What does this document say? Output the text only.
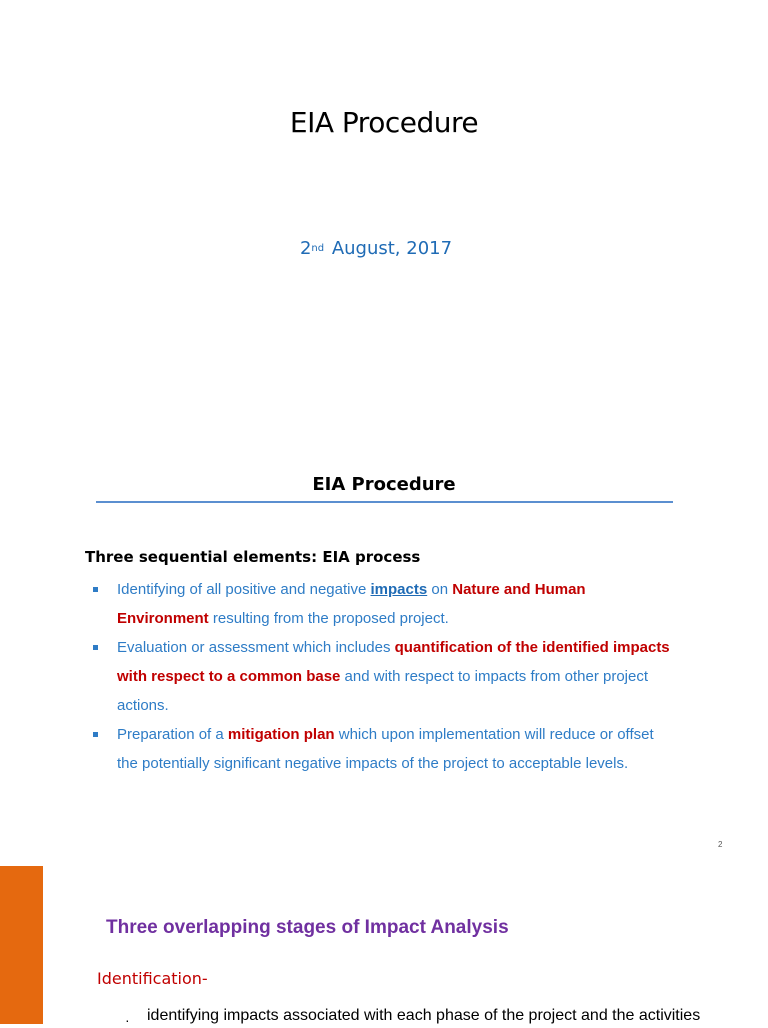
EIA Procedure
2nd August, 2017
EIA Procedure
Three sequential elements: EIA process
Identifying of all positive and negative impacts on Nature and Human Environment resulting from the proposed project.
Evaluation or assessment which includes quantification of the identified impacts with respect to a common base and with respect to impacts from other project actions.
Preparation of a mitigation plan which upon implementation will reduce or offset the potentially significant negative impacts of the project to acceptable levels.
2
Three overlapping stages of Impact Analysis
Identification-
· identifying impacts associated with each phase of the project and the activities
